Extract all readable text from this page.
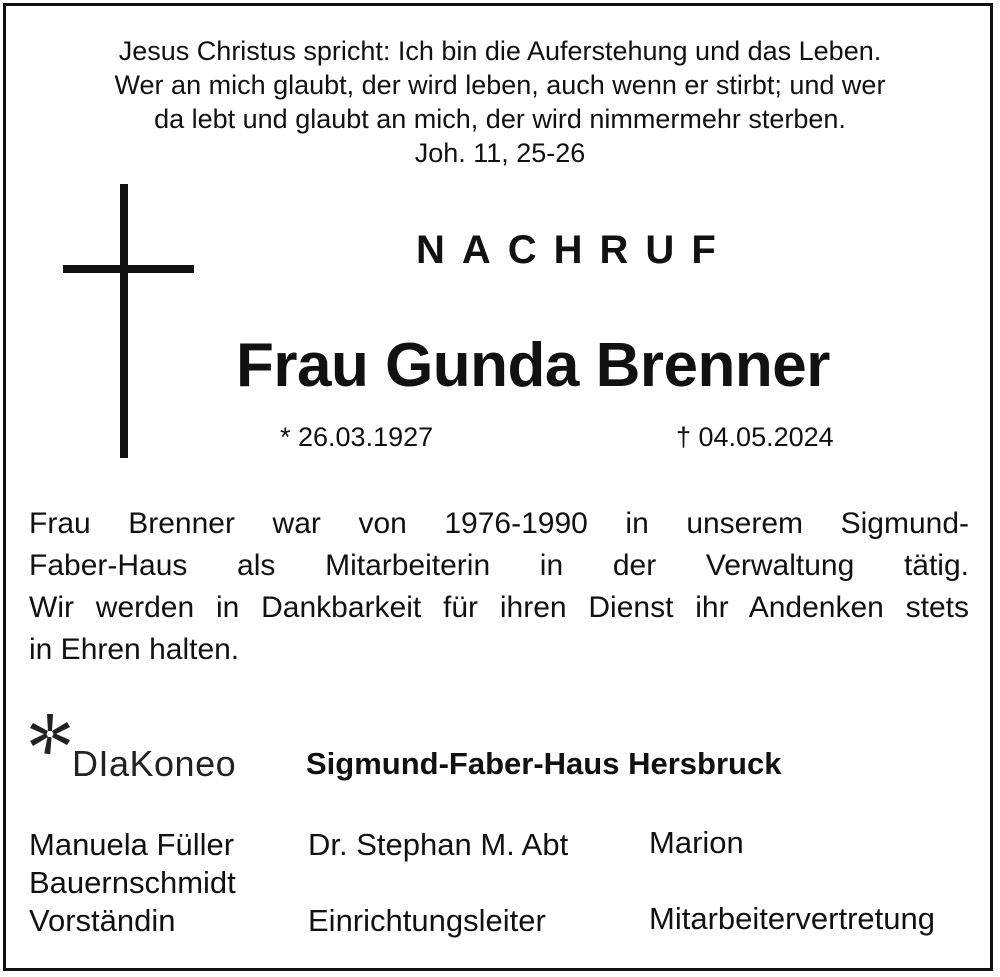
Jesus Christus spricht: Ich bin die Auferstehung und das Leben.
Wer an mich glaubt, der wird leben, auch wenn er stirbt; und wer
da lebt und glaubt an mich, der wird nimmermehr sterben.
Joh. 11, 25-26
NACHRUF
Frau Gunda Brenner
* 26.03.1927	† 04.05.2024
Frau Brenner war von 1976-1990 in unserem Sigmund-
Faber-Haus als Mitarbeiterin in der Verwaltung tätig.
Wir werden in Dankbarkeit für ihren Dienst ihr Andenken stets
in Ehren halten.
DIaKoneo Sigmund-Faber-Haus Hersbruck
Manuela Füller
Bauernschmidt
Vorständin
Dr. Stephan M. Abt
Einrichtungsleiter
Marion
Mitarbeitervertretung
